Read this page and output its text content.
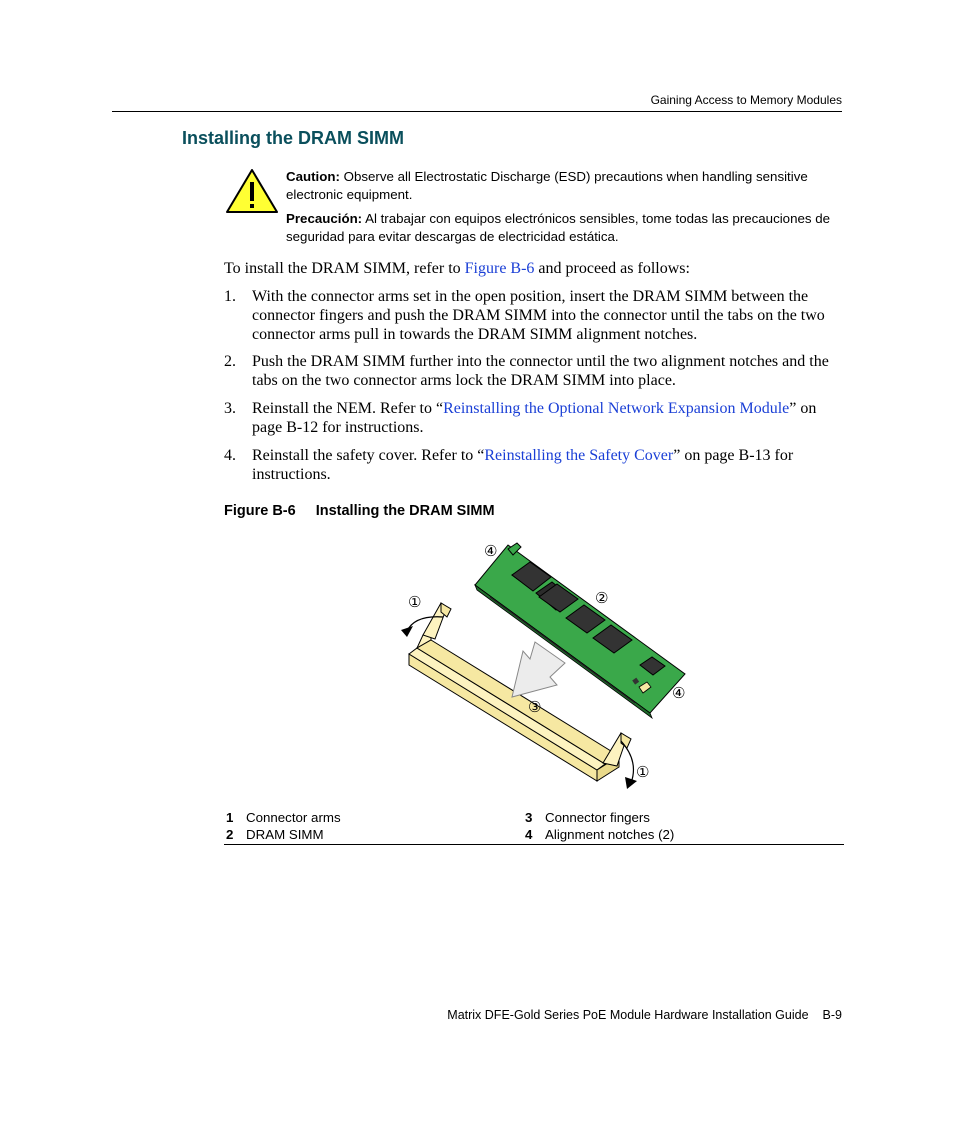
Gaining Access to Memory Modules
Installing the DRAM SIMM
Caution: Observe all Electrostatic Discharge (ESD) precautions when handling sensitive electronic equipment.
Precaución: Al trabajar con equipos electrónicos sensibles, tome todas las precauciones de seguridad para evitar descargas de electricidad estática.
To install the DRAM SIMM, refer to Figure B-6 and proceed as follows:
1. With the connector arms set in the open position, insert the DRAM SIMM between the connector fingers and push the DRAM SIMM into the connector until the tabs on the two connector arms pull in towards the DRAM SIMM alignment notches.
2. Push the DRAM SIMM further into the connector until the two alignment notches and the tabs on the two connector arms lock the DRAM SIMM into place.
3. Reinstall the NEM. Refer to “Reinstalling the Optional Network Expansion Module” on page B-12 for instructions.
4. Reinstall the safety cover. Refer to “Reinstalling the Safety Cover” on page B-13 for instructions.
Figure B-6 Installing the DRAM SIMM
④
②
①
④
③
①
1 Connector arms
2 DRAM SIMM
3 Connector fingers
4 Alignment notches (2)
Matrix DFE-Gold Series PoE Module Hardware Installation Guide B-9
